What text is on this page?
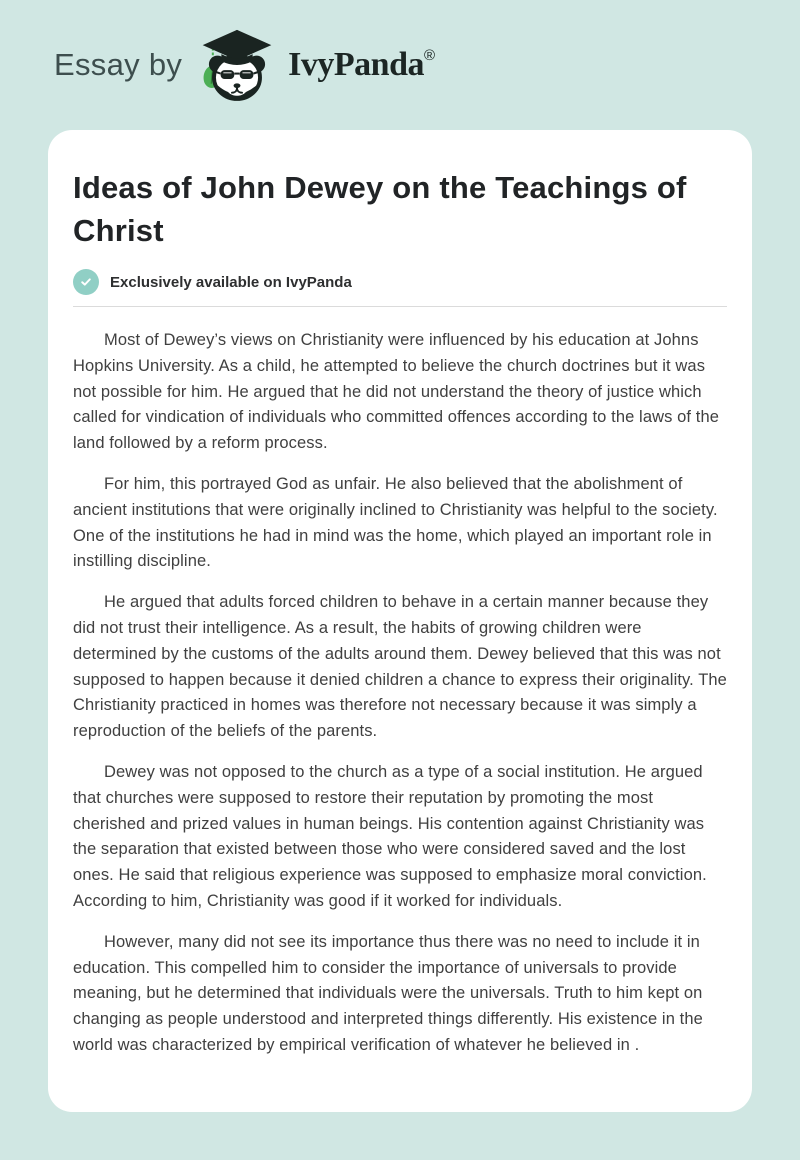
Essay by	IvyPanda®
Ideas of John Dewey on the Teachings of Christ
Exclusively available on IvyPanda

Most of Dewey’s views on Christianity were influenced by his education at Johns Hopkins University. As a child, he attempted to believe the church doctrines but it was not possible for him. He argued that he did not understand the theory of justice which called for vindication of individuals who committed offences according to the laws of the land followed by a reform process.

For him, this portrayed God as unfair. He also believed that the abolishment of ancient institutions that were originally inclined to Christianity was helpful to the society. One of the institutions he had in mind was the home, which played an important role in instilling discipline.

He argued that adults forced children to behave in a certain manner because they did not trust their intelligence. As a result, the habits of growing children were determined by the customs of the adults around them. Dewey believed that this was not supposed to happen because it denied children a chance to express their originality. The Christianity practiced in homes was therefore not necessary because it was simply a reproduction of the beliefs of the parents.

Dewey was not opposed to the church as a type of a social institution. He argued that churches were supposed to restore their reputation by promoting the most cherished and prized values in human beings. His contention against Christianity was the separation that existed between those who were considered saved and the lost ones. He said that religious experience was supposed to emphasize moral conviction. According to him, Christianity was good if it worked for individuals.

However, many did not see its importance thus there was no need to include it in education. This compelled him to consider the importance of universals to provide meaning, but he determined that individuals were the universals. Truth to him kept on changing as people understood and interpreted things differently. His existence in the world was characterized by empirical verification of whatever he believed in .
